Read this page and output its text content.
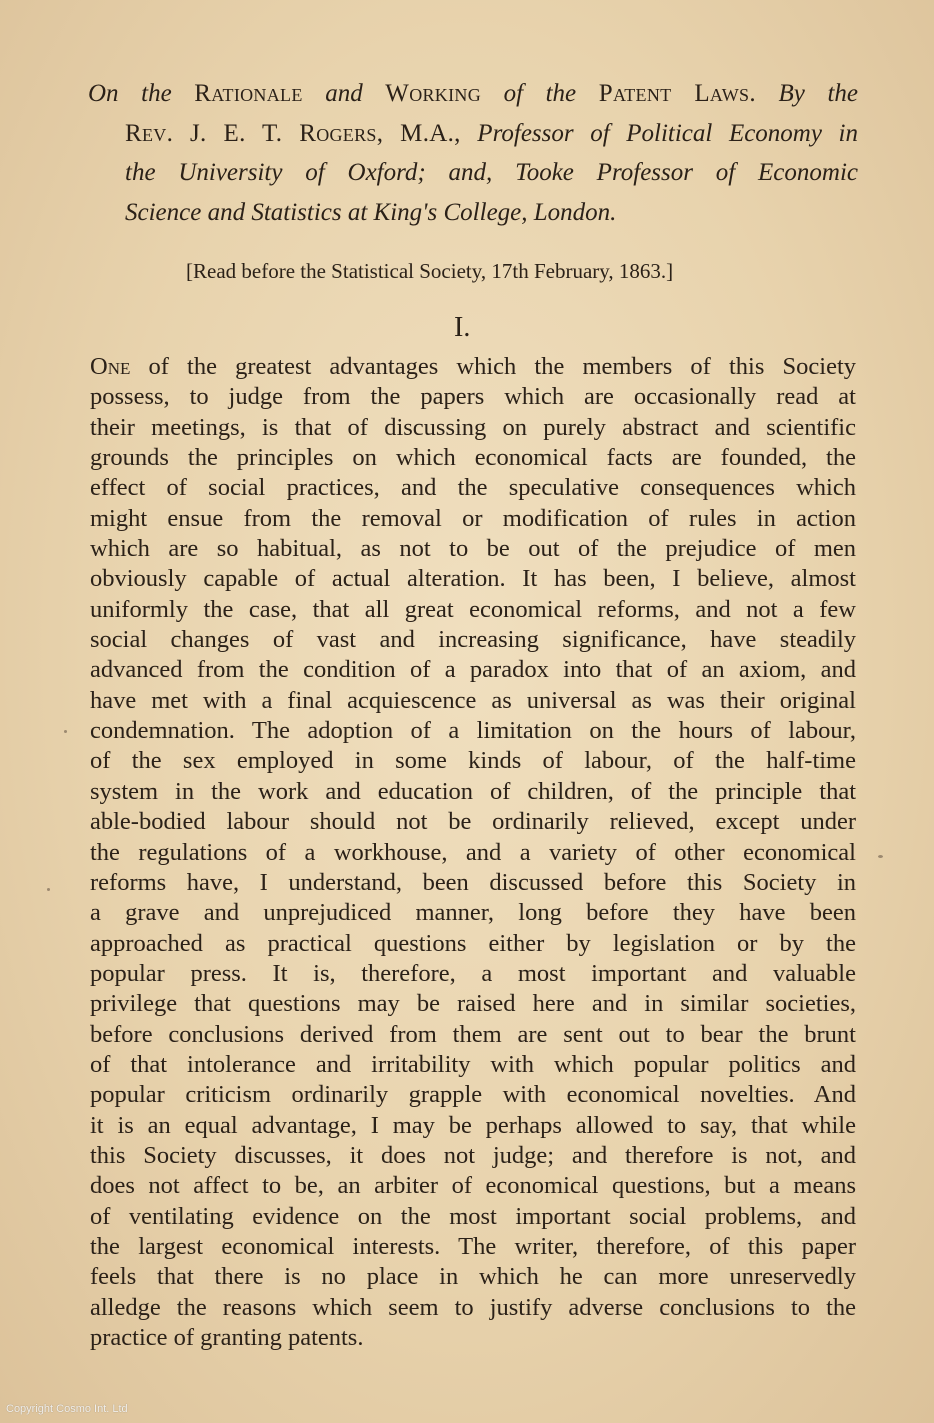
On the Rationale and Working of the Patent Laws. By the
Rev. J. E. T. Rogers, M.A., Professor of Political Economy in
the University of Oxford; and, Tooke Professor of Economic
Science and Statistics at King's College, London.
[Read before the Statistical Society, 17th February, 1863.]
I.
One of the greatest advantages which the members of this Society
possess, to judge from the papers which are occasionally read at
their meetings, is that of discussing on purely abstract and scientific
grounds the principles on which economical facts are founded, the
effect of social practices, and the speculative consequences which
might ensue from the removal or modification of rules in action
which are so habitual, as not to be out of the prejudice of men
obviously capable of actual alteration. It has been, I believe, almost
uniformly the case, that all great economical reforms, and not a few
social changes of vast and increasing significance, have steadily
advanced from the condition of a paradox into that of an axiom, and
have met with a final acquiescence as universal as was their original
condemnation. The adoption of a limitation on the hours of labour,
of the sex employed in some kinds of labour, of the half-time
system in the work and education of children, of the principle that
able-bodied labour should not be ordinarily relieved, except under
the regulations of a workhouse, and a variety of other economical
reforms have, I understand, been discussed before this Society in
a grave and unprejudiced manner, long before they have been
approached as practical questions either by legislation or by the
popular press. It is, therefore, a most important and valuable
privilege that questions may be raised here and in similar societies,
before conclusions derived from them are sent out to bear the brunt
of that intolerance and irritability with which popular politics and
popular criticism ordinarily grapple with economical novelties. And
it is an equal advantage, I may be perhaps allowed to say, that while
this Society discusses, it does not judge; and therefore is not, and
does not affect to be, an arbiter of economical questions, but a means
of ventilating evidence on the most important social problems, and
the largest economical interests. The writer, therefore, of this paper
feels that there is no place in which he can more unreservedly
alledge the reasons which seem to justify adverse conclusions to the
practice of granting patents.
Copyright Cosmo Int. Ltd
